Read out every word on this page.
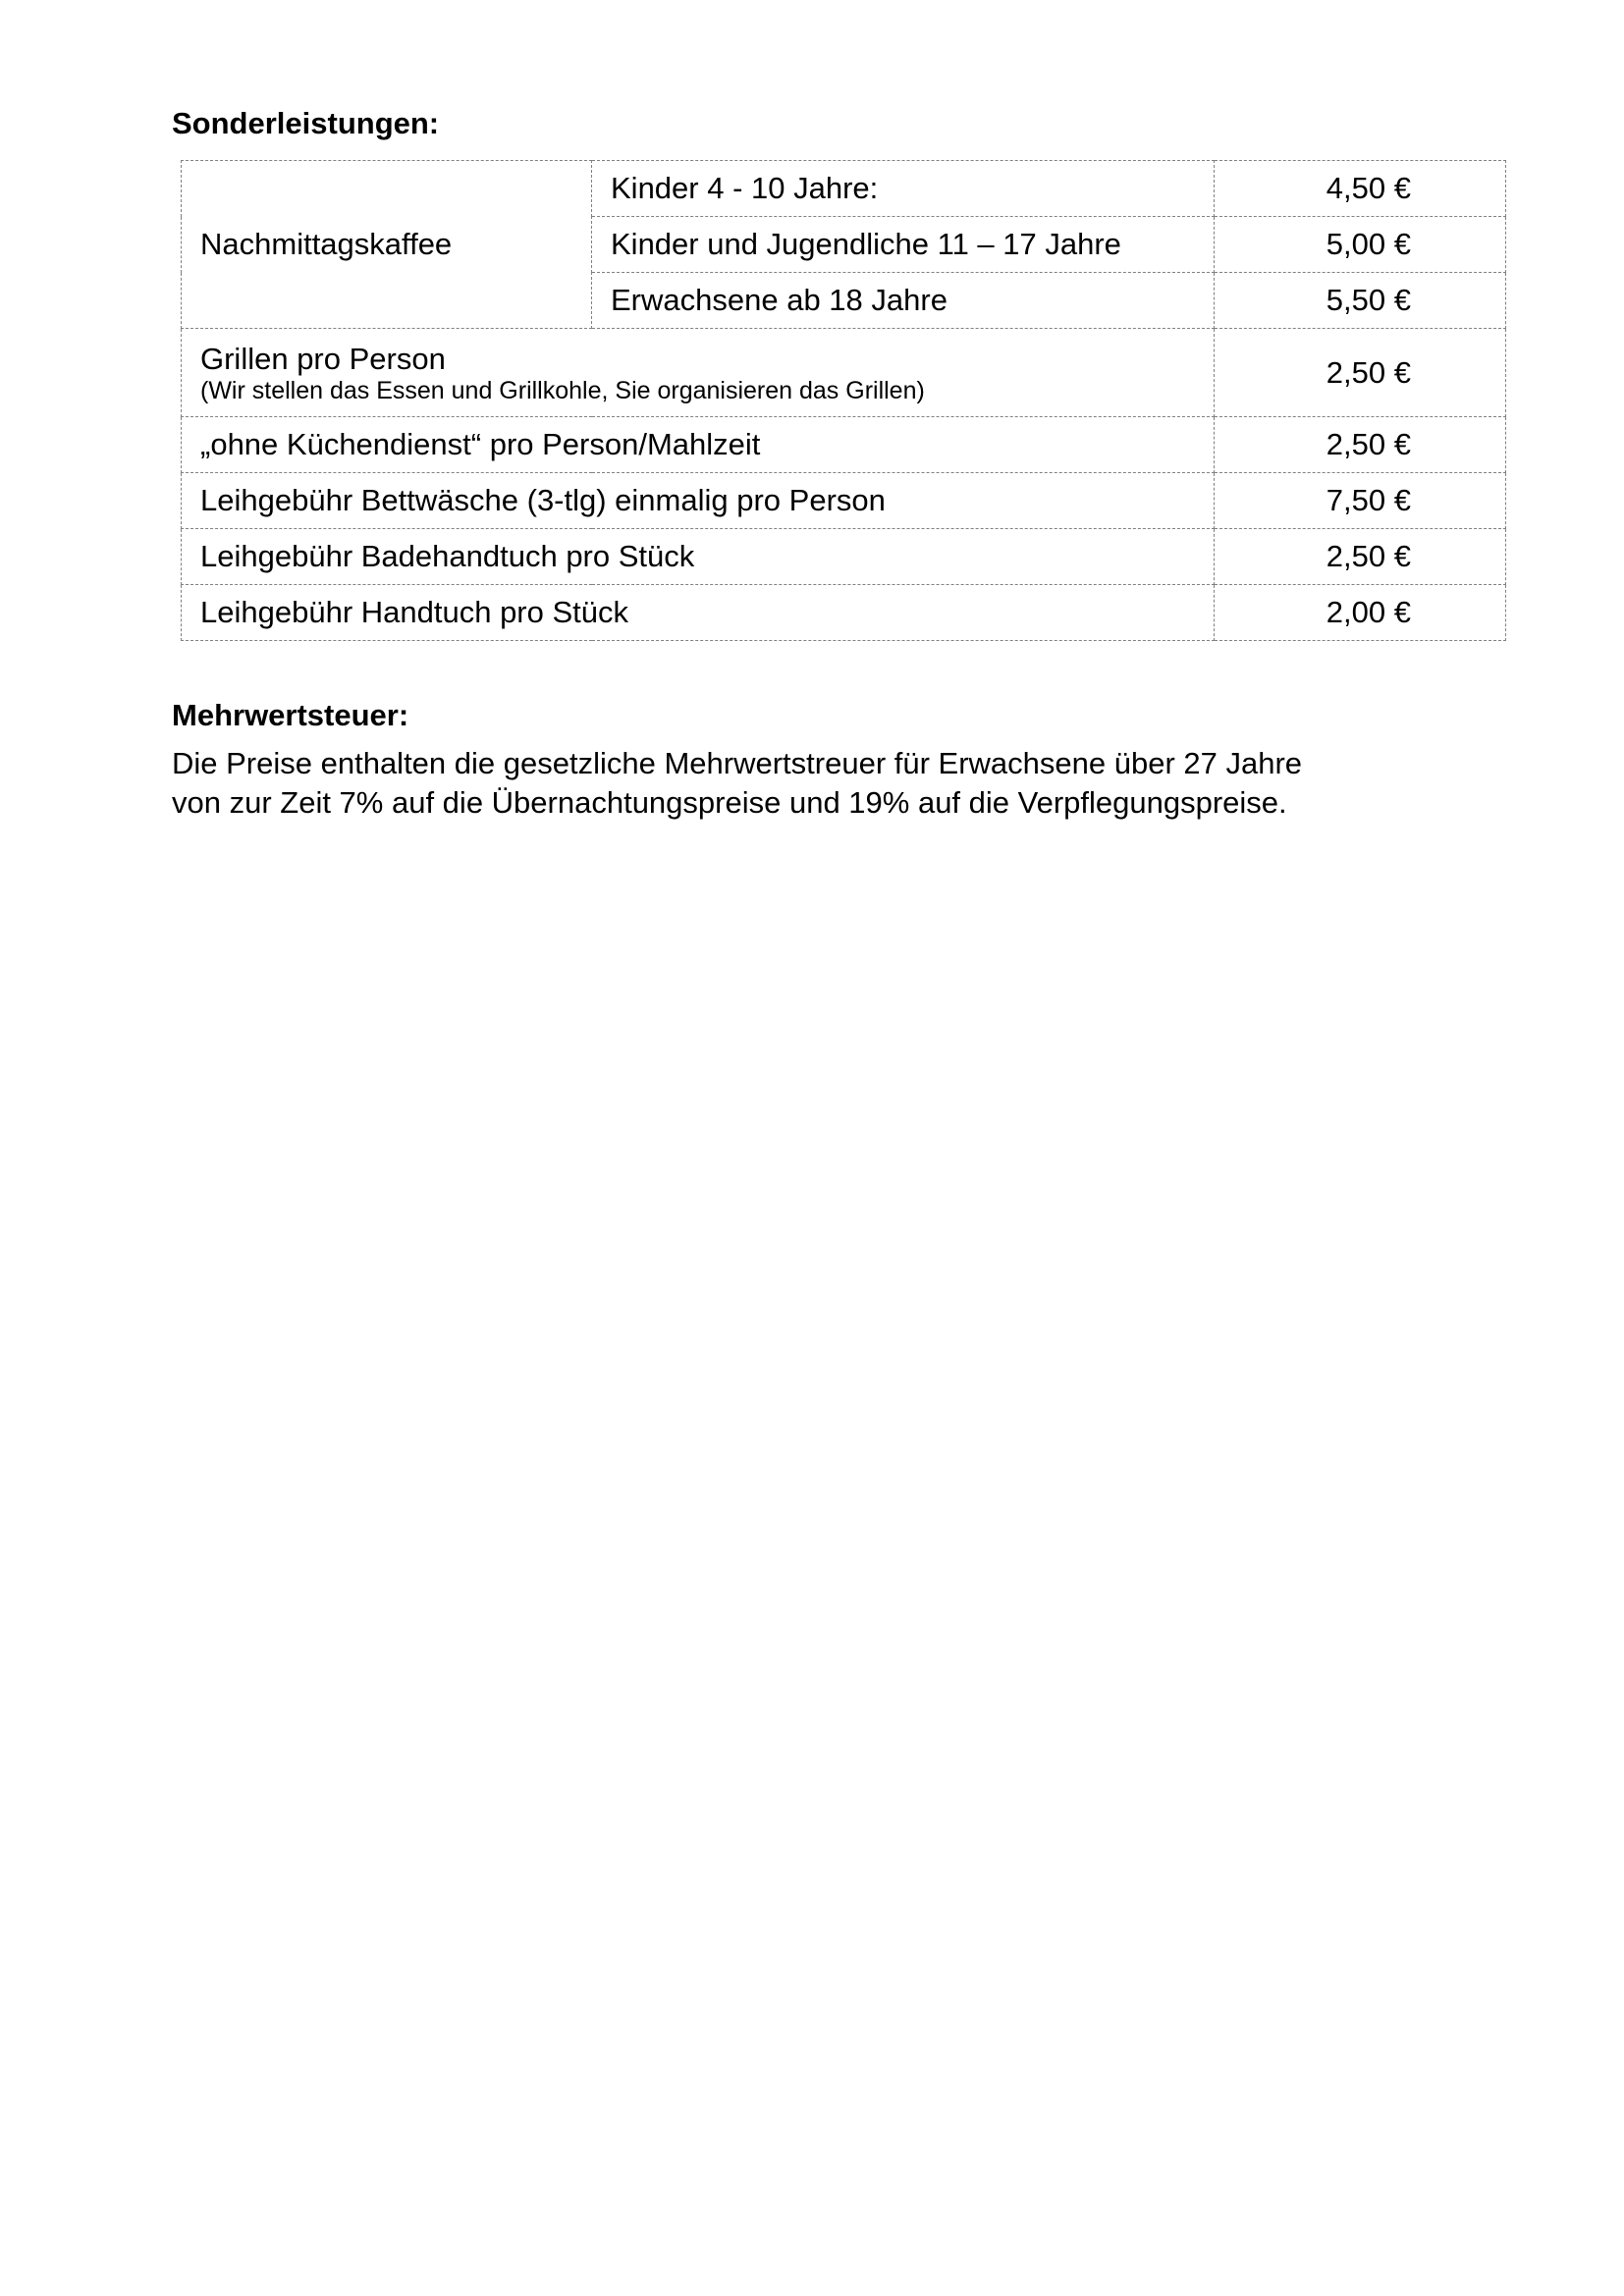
Sonderleistungen:
Nachmittagskaffee	Kinder 4 - 10 Jahre:	4,50 €
	Kinder und Jugendliche 11 – 17 Jahre	5,00 €
	Erwachsene ab 18 Jahre	5,50 €
Grillen pro Person
(Wir stellen das Essen und Grillkohle, Sie organisieren das Grillen)		2,50 €
„ohne Küchendienst“ pro Person/Mahlzeit		2,50 €
Leihgebühr Bettwäsche (3-tlg) einmalig pro Person		7,50 €
Leihgebühr Badehandtuch pro Stück		2,50 €
Leihgebühr Handtuch pro Stück		2,00 €
Mehrwertsteuer:

Die Preise enthalten die gesetzliche Mehrwertstreuer für Erwachsene über 27 Jahre
von zur Zeit 7% auf die Übernachtungspreise und 19% auf die Verpflegungspreise.
